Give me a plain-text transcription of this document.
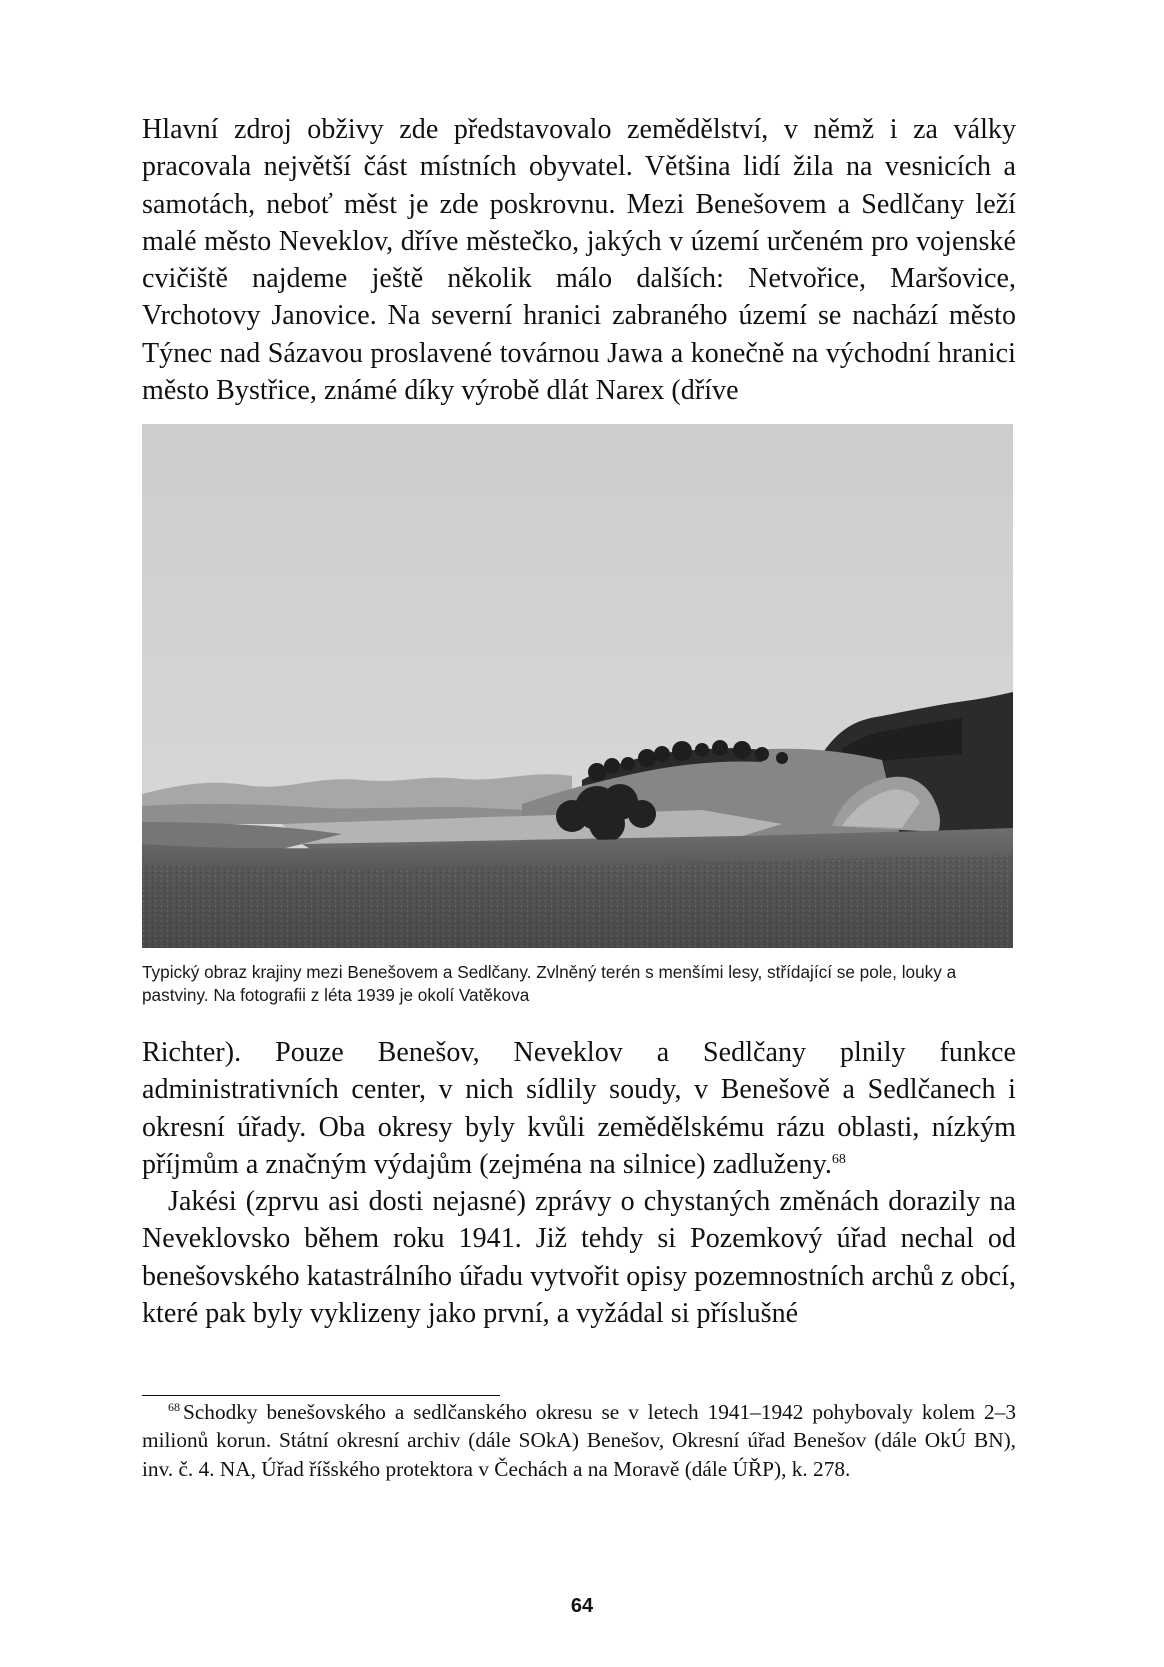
Hlavní zdroj obživy zde představovalo zemědělství, v němž i za války pracovala největší část místních obyvatel. Většina lidí žila na vesnicích a samotách, neboť měst je zde poskrovnu. Mezi Benešovem a Sedlčany leží malé město Neveklov, dříve městečko, jakých v území určeném pro vojenské cvičiště najdeme ještě několik málo dalších: Netvořice, Maršovice, Vrchotovy Janovice. Na severní hranici zabraného území se nachází město Týnec nad Sázavou proslavené továrnou Jawa a konečně na východní hranici město Bystřice, známé díky výrobě dlát Narex (dříve

Typický obraz krajiny mezi Benešovem a Sedlčany. Zvlněný terén s menšími lesy, střídající se pole, louky a pastviny. Na fotografii z léta 1939 je okolí Vatěkova

Richter). Pouze Benešov, Neveklov a Sedlčany plnily funkce administrativních center, v nich sídlily soudy, v Benešově a Sedlčanech i okresní úřady. Oba okresy byly kvůli zemědělskému rázu oblasti, nízkým příjmům a značným výdajům (zejména na silnice) zadluženy.$^{68}$

Jakési (zprvu asi dosti nejasné) zprávy o chystaných změnách dorazily na Neveklovsko během roku 1941. Již tehdy si Pozemkový úřad nechal od benešovského katastrálního úřadu vytvořit opisy pozemnostních archů z obcí, které pak byly vyklizeny jako první, a vyžádal si příslušné

$^{68}$ Schodky benešovského a sedlčanského okresu se v letech 1941–1942 pohybovaly kolem 2–3 milionů korun. Státní okresní archiv (dále SOkA) Benešov, Okresní úřad Benešov (dále OkÚ BN), inv. č. 4. NA, Úřad říšského protektora v Čechách a na Moravě (dále ÚŘP), k. 278.

64
